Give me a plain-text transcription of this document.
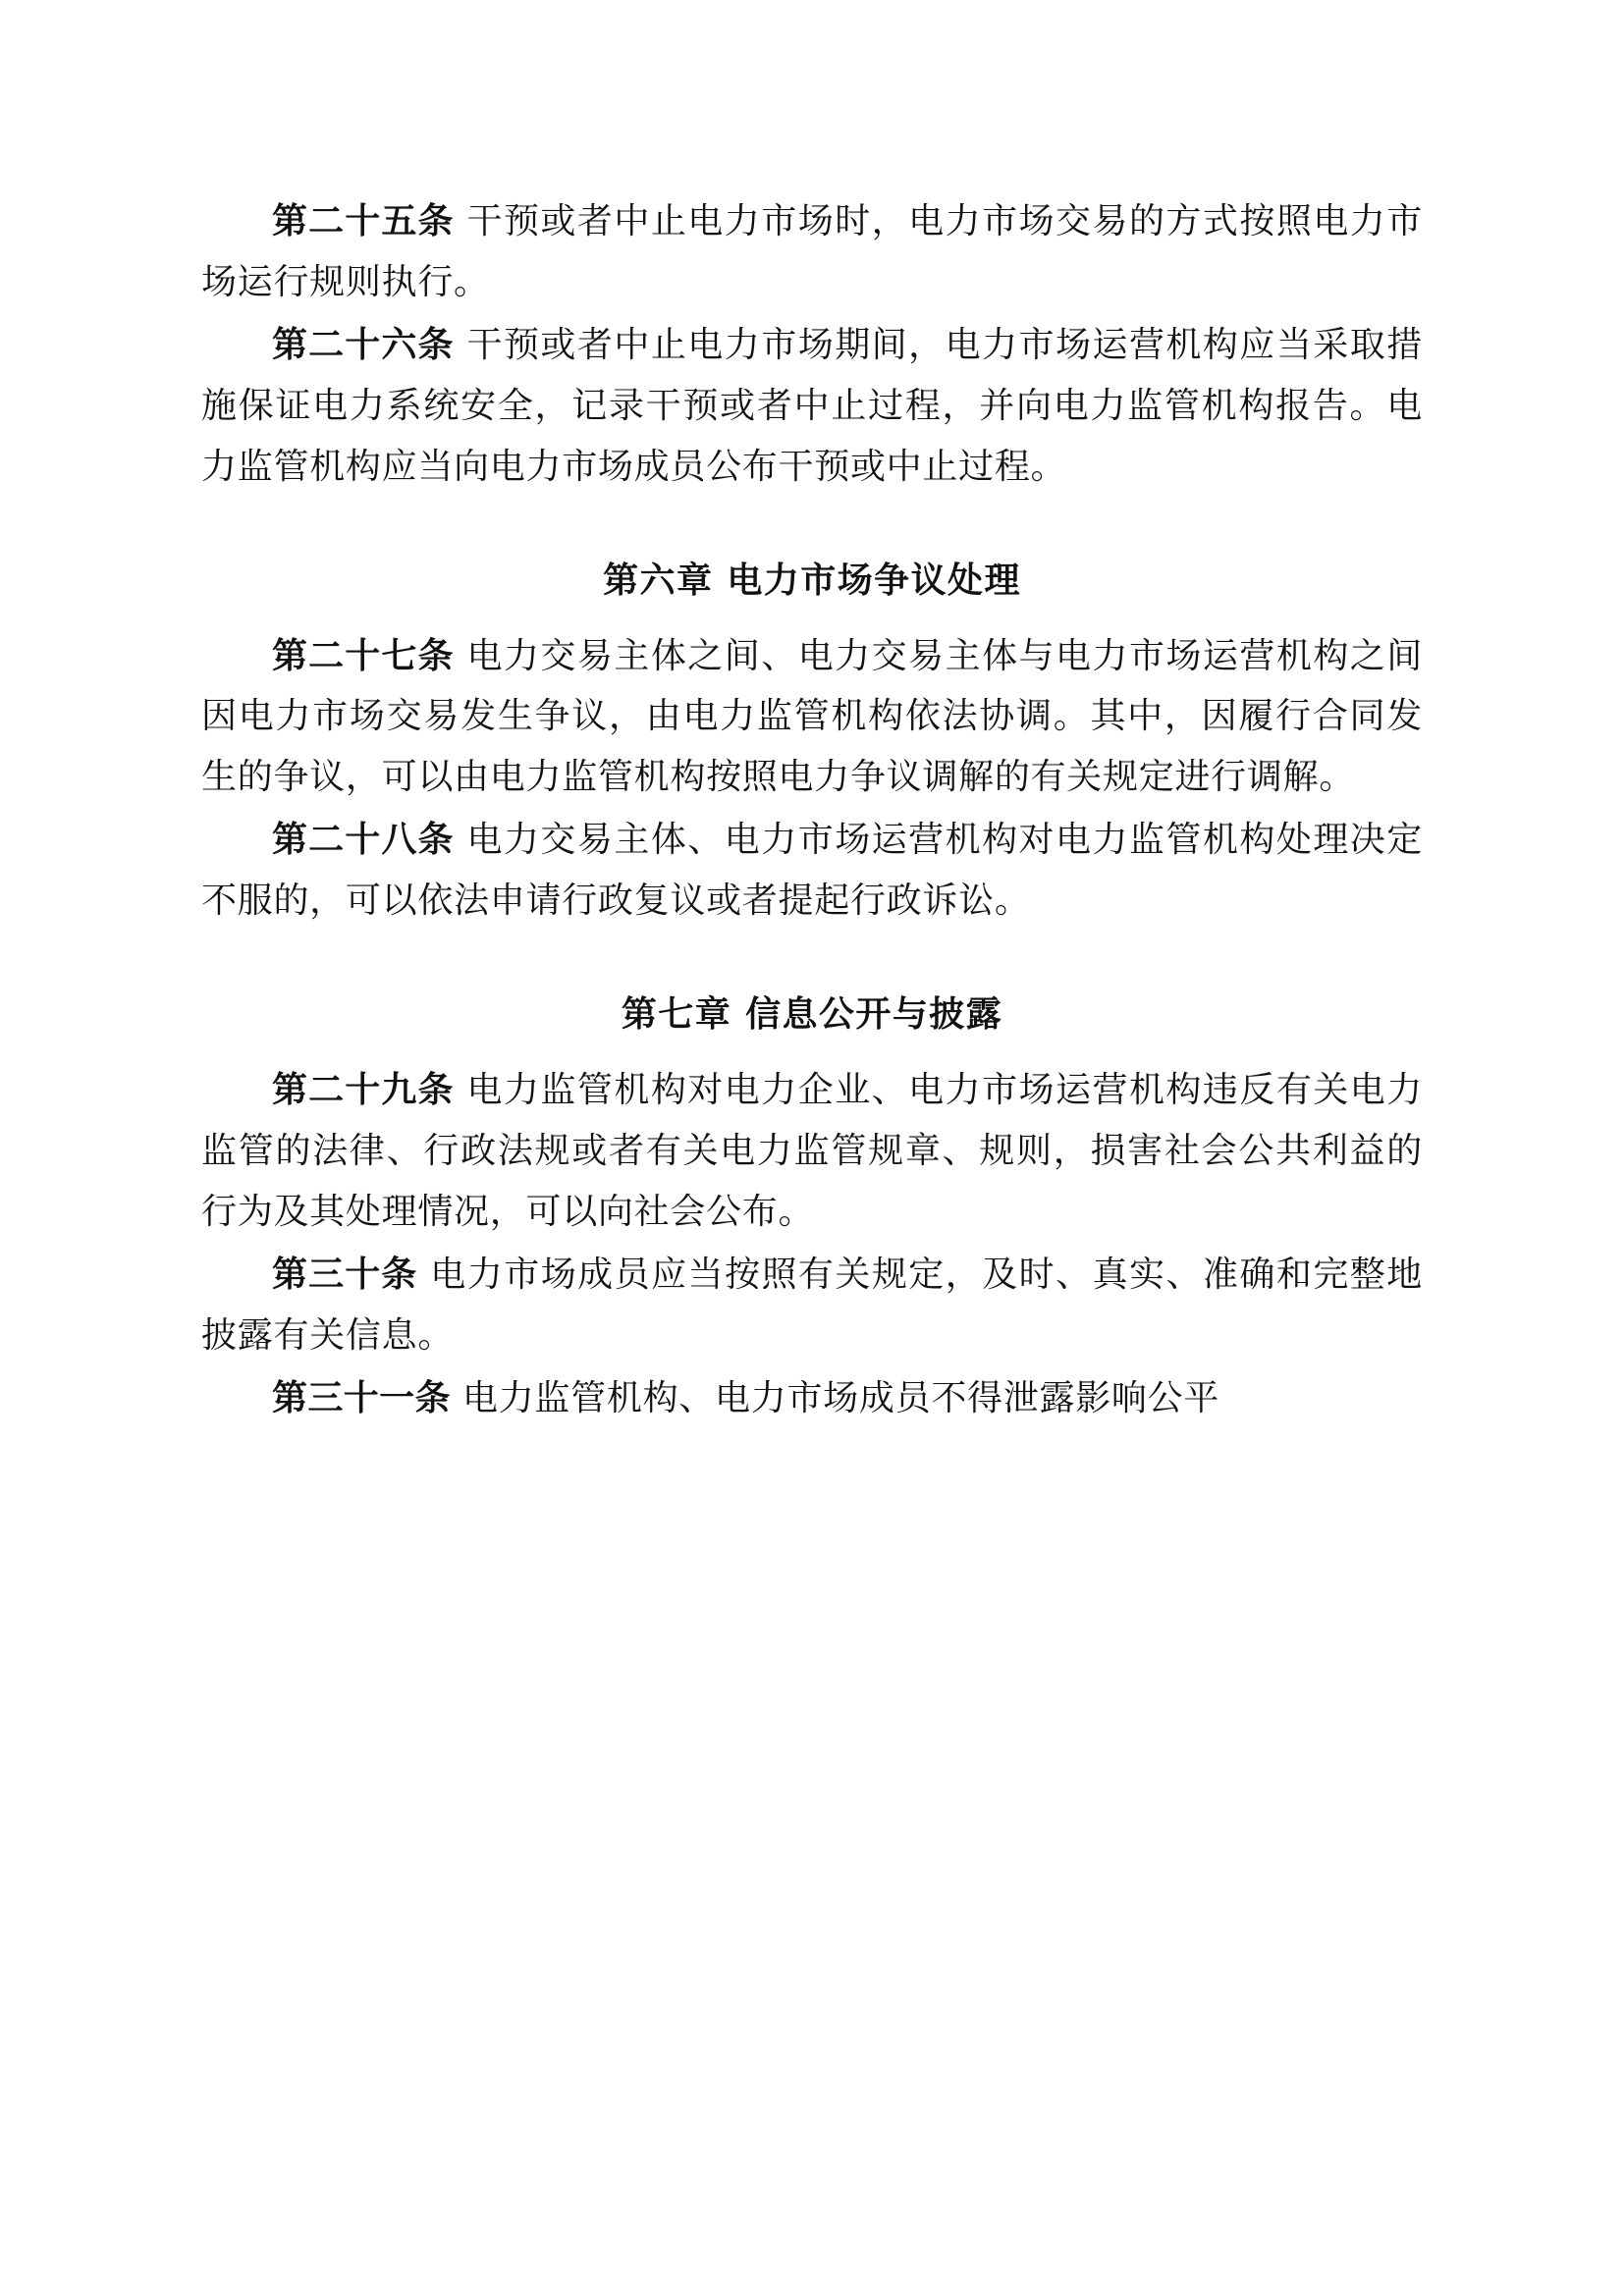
第二十五条 干预或者中止电力市场时，电力市场交易的方式按照电力市场运行规则执行。

第二十六条 干预或者中止电力市场期间，电力市场运营机构应当采取措施保证电力系统安全，记录干预或者中止过程，并向电力监管机构报告。电力监管机构应当向电力市场成员公布干预或中止过程。

第六章 电力市场争议处理

第二十七条 电力交易主体之间、电力交易主体与电力市场运营机构之间因电力市场交易发生争议，由电力监管机构依法协调。其中，因履行合同发生的争议，可以由电力监管机构按照电力争议调解的有关规定进行调解。

第二十八条 电力交易主体、电力市场运营机构对电力监管机构处理决定不服的，可以依法申请行政复议或者提起行政诉讼。

第七章 信息公开与披露

第二十九条 电力监管机构对电力企业、电力市场运营机构违反有关电力监管的法律、行政法规或者有关电力监管规章、规则，损害社会公共利益的行为及其处理情况，可以向社会公布。

第三十条 电力市场成员应当按照有关规定，及时、真实、准确和完整地披露有关信息。

第三十一条 电力监管机构、电力市场成员不得泄露影响公平
